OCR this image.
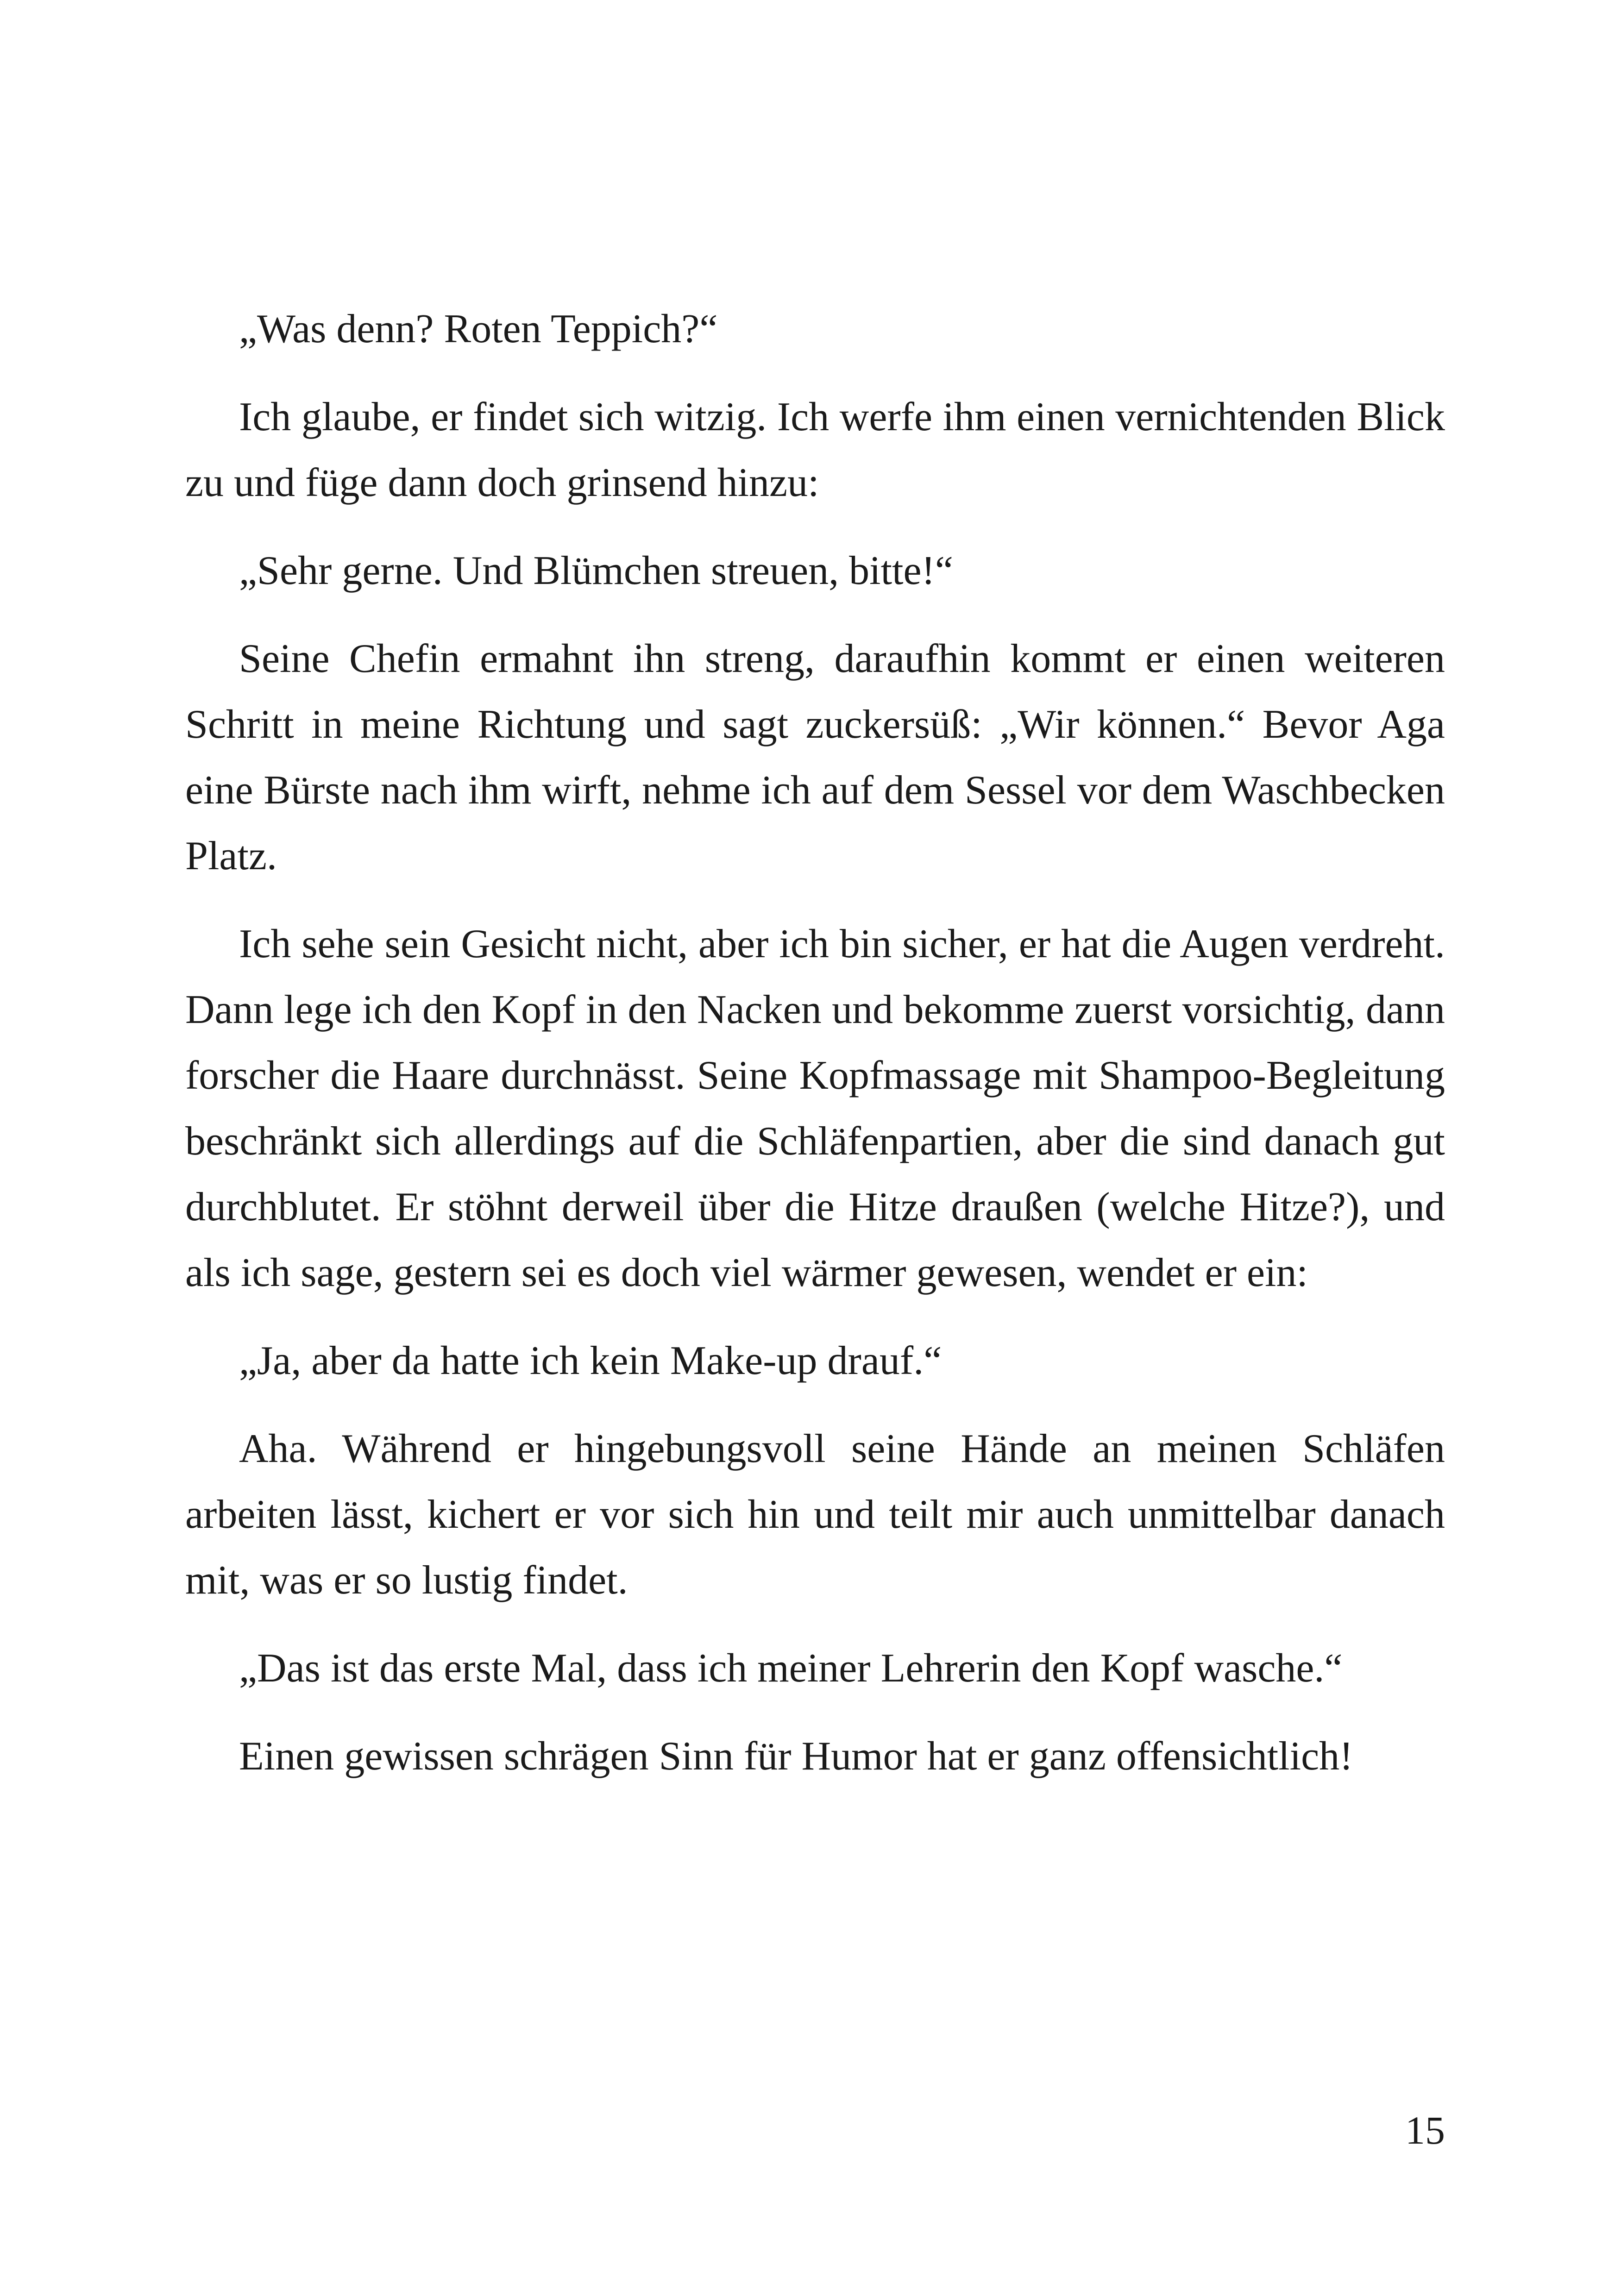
„Was denn? Roten Teppich?“

Ich glaube, er findet sich witzig. Ich werfe ihm einen vernichtenden Blick zu und füge dann doch grinsend hinzu:

„Sehr gerne. Und Blümchen streuen, bitte!“

Seine Chefin ermahnt ihn streng, daraufhin kommt er einen weiteren Schritt in meine Richtung und sagt zuckersüß: „Wir können.“ Bevor Aga eine Bürste nach ihm wirft, nehme ich auf dem Sessel vor dem Waschbecken Platz.

Ich sehe sein Gesicht nicht, aber ich bin sicher, er hat die Augen verdreht. Dann lege ich den Kopf in den Nacken und bekomme zuerst vorsichtig, dann forscher die Haare durchnässt. Seine Kopfmassage mit Shampoo-Begleitung beschränkt sich allerdings auf die Schläfenpartien, aber die sind danach gut durchblutet. Er stöhnt derweil über die Hitze draußen (welche Hitze?), und als ich sage, gestern sei es doch viel wärmer gewesen, wendet er ein:

„Ja, aber da hatte ich kein Make-up drauf.“

Aha. Während er hingebungsvoll seine Hände an meinen Schläfen arbeiten lässt, kichert er vor sich hin und teilt mir auch unmittelbar danach mit, was er so lustig findet.

„Das ist das erste Mal, dass ich meiner Lehrerin den Kopf wasche.“

Einen gewissen schrägen Sinn für Humor hat er ganz offensichtlich!

15
